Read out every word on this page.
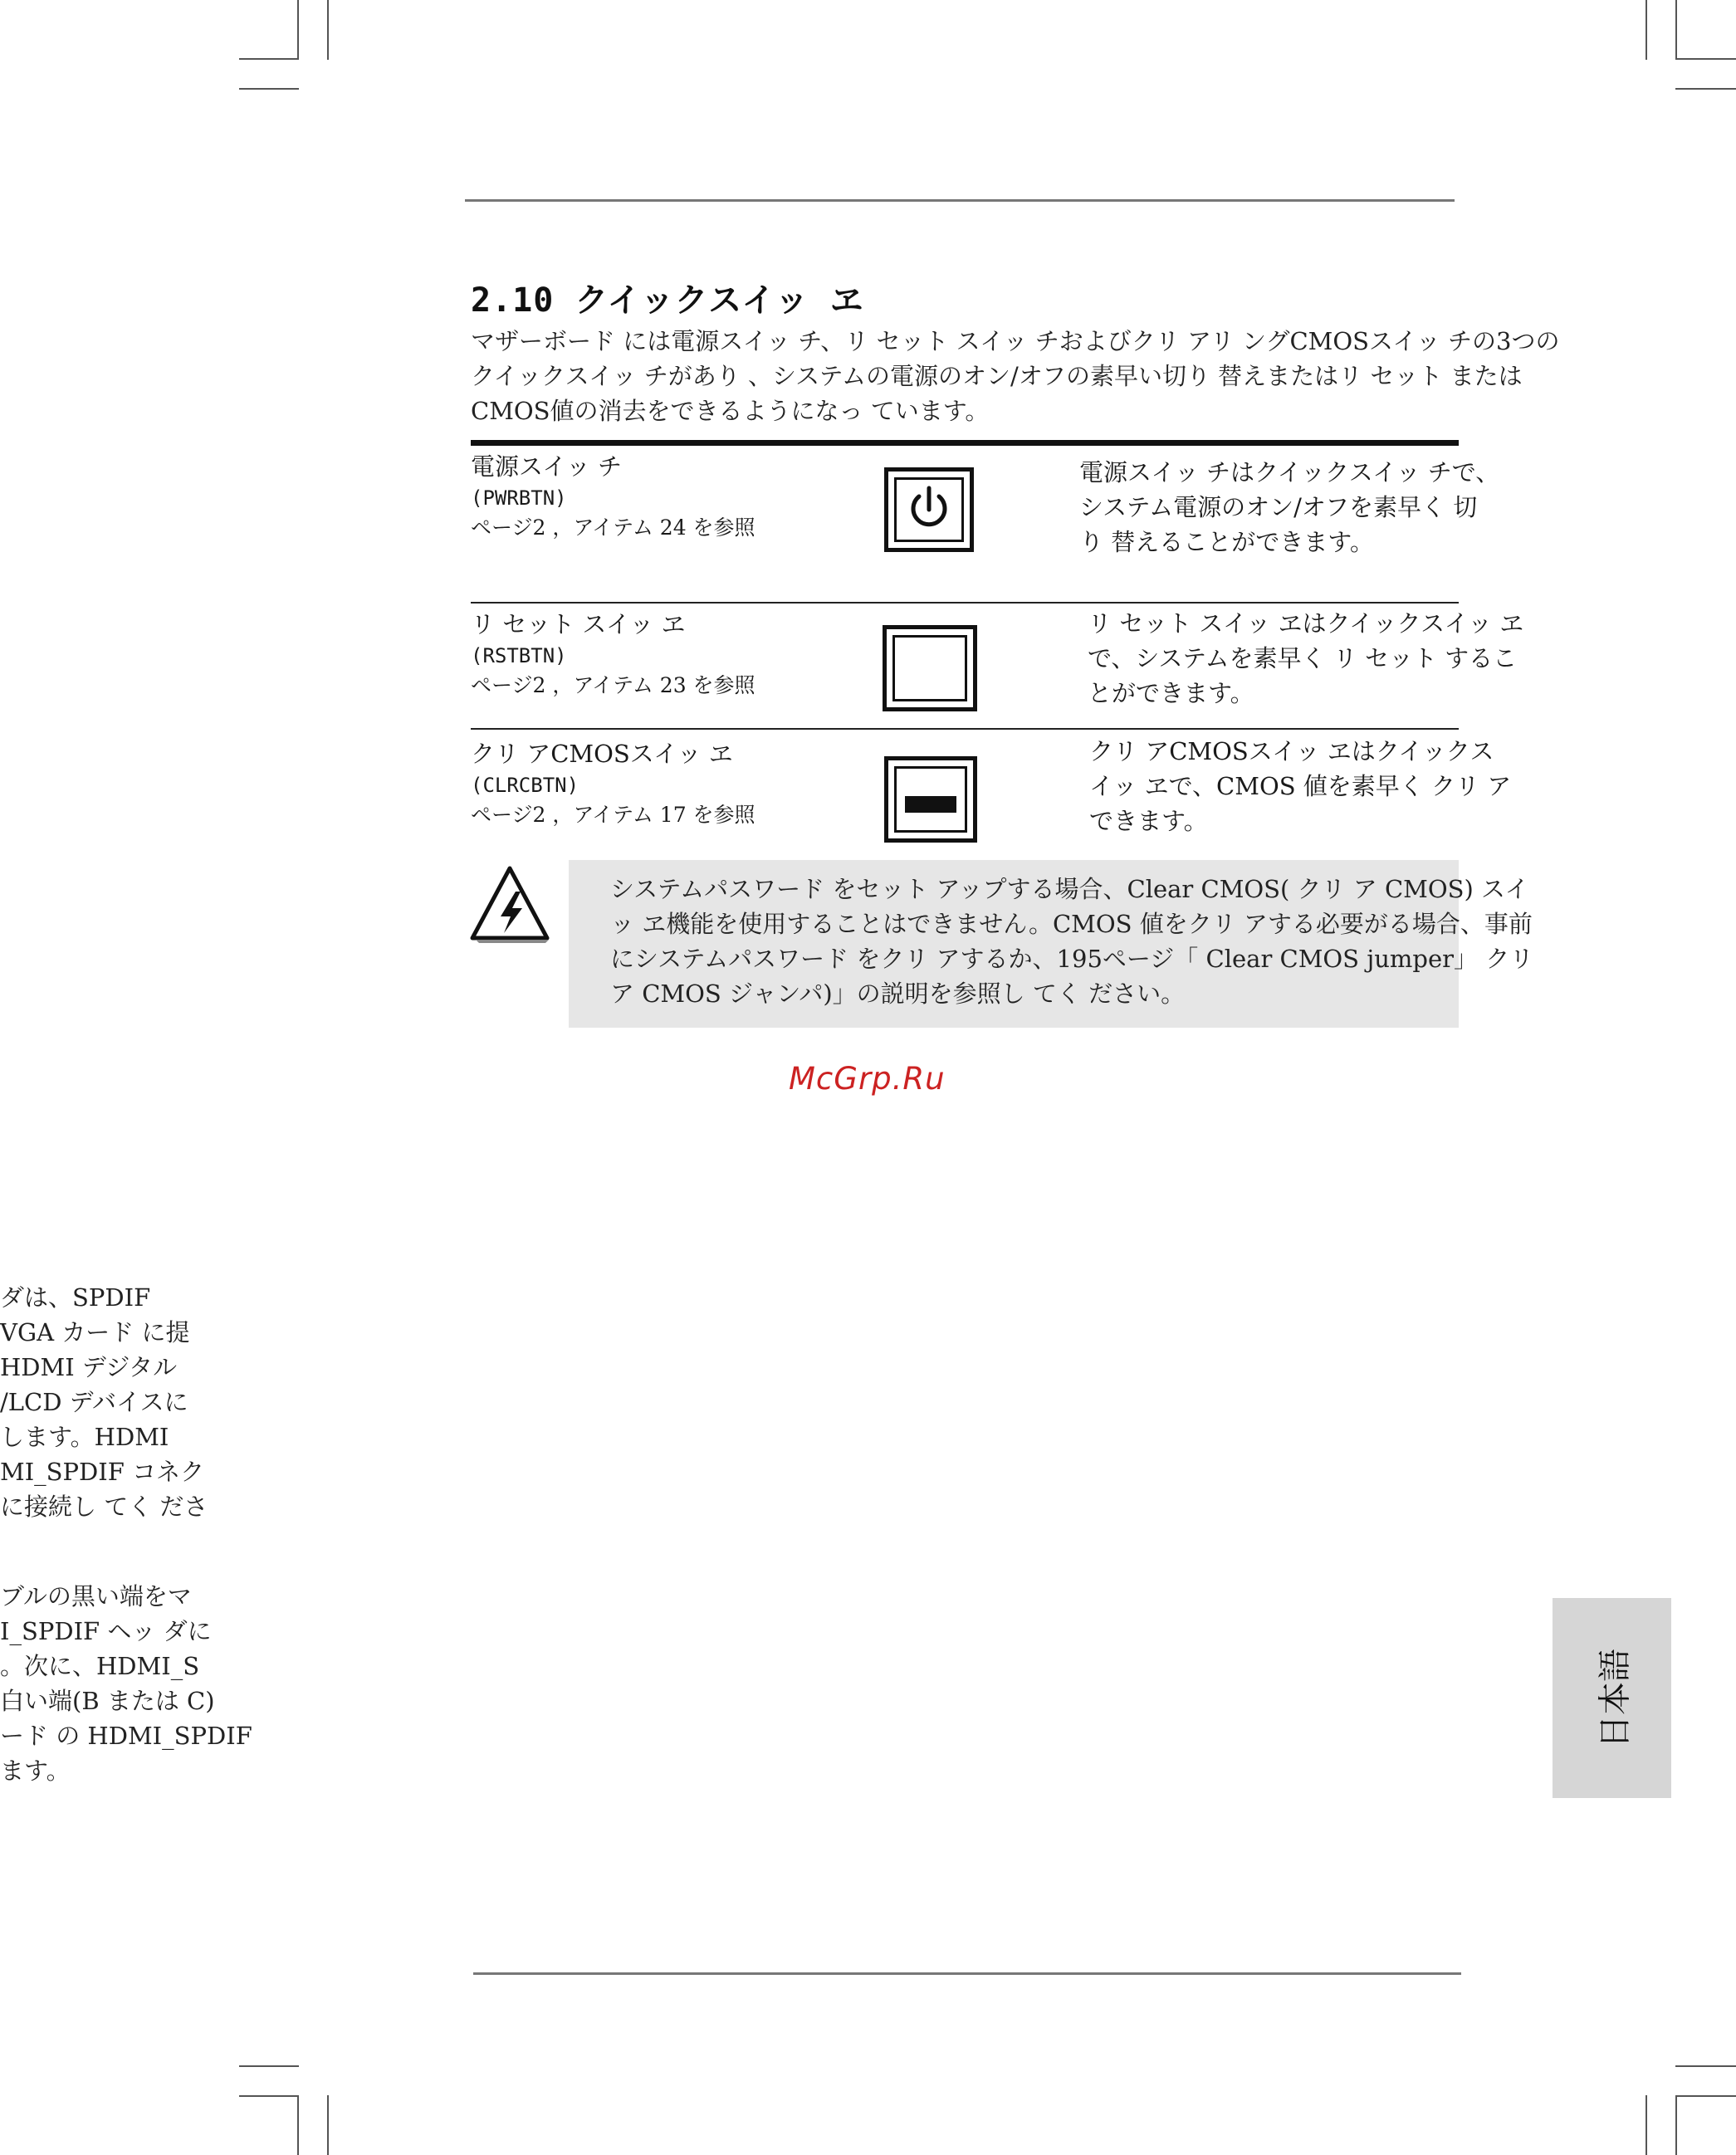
2.10 クイックスイッ ヱ
マザーボード には電源スイッ チ、リ セット スイッ チおよびクリ アリ ングCMOSスイッ チの3つの
クイックスイッ チがあり 、システムの電源のオン/オフの素早い切り 替えまたはリ セット または
CMOS値の消去をできるようになっ ています。
電源スイッ チ
(PWRBTN)
ページ2 ，アイテム 24 を参照
電源スイッ チはクイックスイッ チで、
システム電源のオン/オフを素早く 切
り 替えることができます。
リ セット スイッ ヱ
(RSTBTN)
ページ2 ，アイテム 23 を参照
リ セット スイッ ヱはクイックスイッ ヱ
で、システムを素早く リ セット するこ
とができます。
クリ アCMOSスイッ ヱ
(CLRCBTN)
ページ2 ，アイテム 17 を参照
クリ アCMOSスイッ ヱはクイックス
イッ ヱで、CMOS 値を素早く クリ ア
できます。
システムパスワード をセット アップする場合、Clear CMOS( クリ ア CMOS) スイ
ッ ヱ機能を使用することはできません。CMOS 値をクリ アする必要がる場合、事前
にシステムパスワード をクリ アするか、195ページ「 Clear CMOS jumper」 クリ
ア CMOS ジャンパ)」の説明を参照し てく ださい。
McGrp.Ru
ダは、SPDIF
VGA カード に提
HDMI デジタル
/LCD デバイスに
します。HDMI
MI_SPDIF コネク
に接続し てく ださ
ブルの黒い端をマ
I_SPDIF ヘッ ダに
。次に、HDMI_S
白い端(B または C)
ード の HDMI_SPDIF
ます。
日本語
